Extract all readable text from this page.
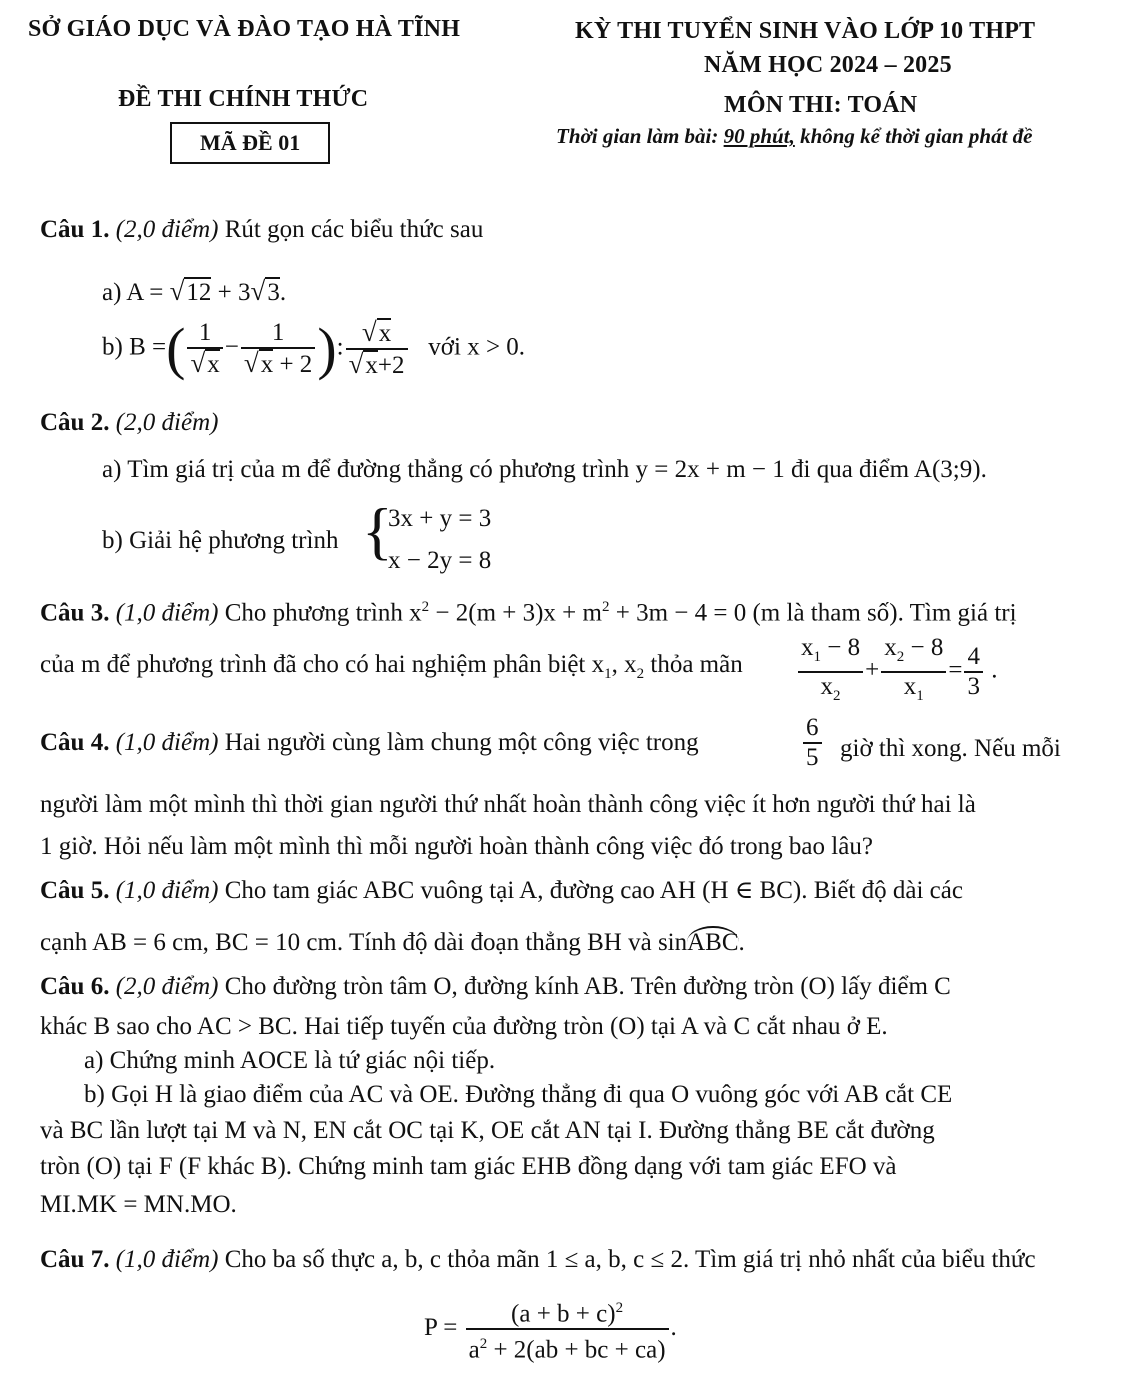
SỞ GIÁO DỤC VÀ ĐÀO TẠO HÀ TĨNH	KỲ THI TUYỂN SINH VÀO LỚP 10 THPT
NĂM HỌC 2024 – 2025
ĐỀ THI CHÍNH THỨC	MÔN THI: TOÁN
MÃ ĐỀ 01	Thời gian làm bài: 90 phút, không kể thời gian phát đề
Câu 1. (2,0 điểm) Rút gọn các biểu thức sau
a) A = √12 + 3√3.
b) B =( $\frac{1}{√x} - \frac{1}{√x + 2}$ ): $\frac{√x}{√x+2}$ với x > 0.
Câu 2. (2,0 điểm)
a) Tìm giá trị của m để đường thẳng có phương trình y = 2x + m − 1 đi qua điểm A(3;9).
b) Giải hệ phương trình {
3x + y = 3
x − 2y = 8
Câu 3. (1,0 điểm) Cho phương trình $x^2 - 2(m + 3)x + m^2 + 3m - 4 = 0$ (m là tham số). Tìm giá trị
của m để phương trình đã cho có hai nghiệm phân biệt $x_1$, $x_2$ thỏa mãn $\frac{x_1 - 8}{x_2} + \frac{x_2 - 8}{x_1} = \frac{4}{3}$ .
Câu 4. (1,0 điểm) Hai người cùng làm chung một công việc trong	$\frac{6}{5}$ giờ thì xong. Nếu mỗi
người làm một mình thì thời gian người thứ nhất hoàn thành công việc ít hơn người thứ hai là
1 giờ. Hỏi nếu làm một mình thì mỗi người hoàn thành công việc đó trong bao lâu?
Câu 5. (1,0 điểm) Cho tam giác ABC vuông tại A, đường cao AH (H ∈ BC). Biết độ dài các
cạnh AB = 6 cm, BC = 10 cm. Tính độ dài đoạn thẳng BH và sinABC.
Câu 6. (2,0 điểm) Cho đường tròn tâm O, đường kính AB. Trên đường tròn (O) lấy điểm C
khác B sao cho AC > BC. Hai tiếp tuyến của đường tròn (O) tại A và C cắt nhau ở E.
a) Chứng minh AOCE là tứ giác nội tiếp.
b) Gọi H là giao điểm của AC và OE. Đường thẳng đi qua O vuông góc với AB cắt CE
và BC lần lượt tại M và N, EN cắt OC tại K, OE cắt AN tại I. Đường thẳng BE cắt đường
tròn (O) tại F (F khác B). Chứng minh tam giác EHB đồng dạng với tam giác EFO và
MI.MK = MN.MO.
Câu 7. (1,0 điểm) Cho ba số thực a, b, c thỏa mãn 1 ≤ a, b, c ≤ 2. Tìm giá trị nhỏ nhất của biểu thức
$P = \frac{(a + b + c)^2}{a^2 + 2(ab + bc + ca)}$ .
